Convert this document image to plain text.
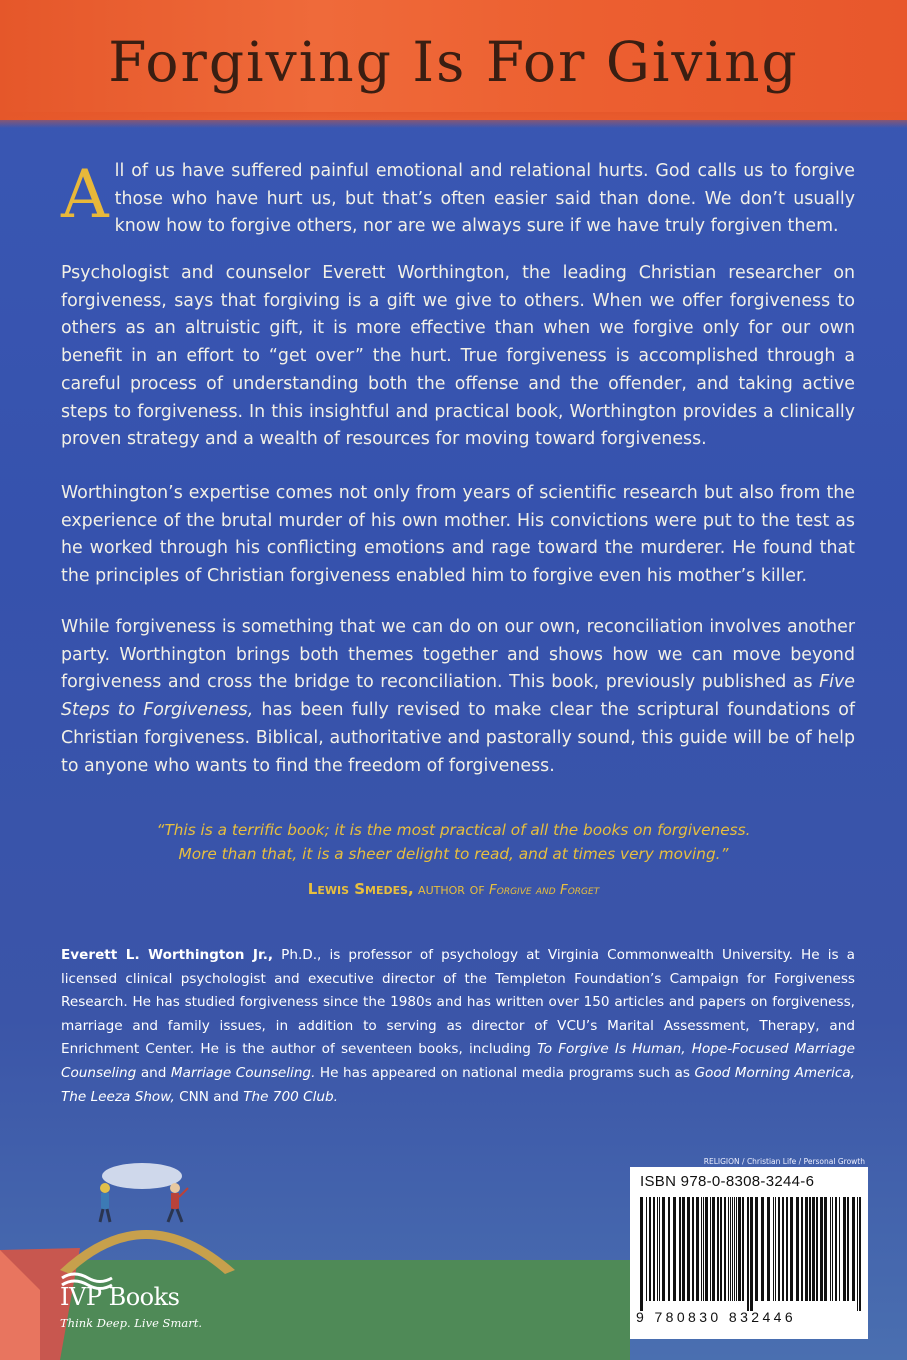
Forgiving Is For Giving

All of us have suffered painful emotional and relational hurts. God calls us to forgive those who have hurt us, but that’s often easier said than done. We don’t usually know how to forgive others, nor are we always sure if we have truly forgiven them.

Psychologist and counselor Everett Worthington, the leading Christian researcher on forgiveness, says that forgiving is a gift we give to others. When we offer forgiveness to others as an altruistic gift, it is more effective than when we forgive only for our own benefit in an effort to “get over” the hurt. True forgiveness is accomplished through a careful process of understanding both the offense and the offender, and taking active steps to forgiveness. In this insightful and practical book, Worthington provides a clinically proven strategy and a wealth of resources for moving toward forgiveness.

Worthington’s expertise comes not only from years of scientific research but also from the experience of the brutal murder of his own mother. His convictions were put to the test as he worked through his conflicting emotions and rage toward the murderer. He found that the principles of Christian forgiveness enabled him to forgive even his mother’s killer.

While forgiveness is something that we can do on our own, reconciliation involves another party. Worthington brings both themes together and shows how we can move beyond forgiveness and cross the bridge to reconciliation. This book, previously published as Five Steps to Forgiveness, has been fully revised to make clear the scriptural foundations of Christian forgiveness. Biblical, authoritative and pastorally sound, this guide will be of help to anyone who wants to find the freedom of forgiveness.

“This is a terrific book; it is the most practical of all the books on forgiveness.
More than that, it is a sheer delight to read, and at times very moving.”

Lewis Smedes, author of Forgive and Forget

Everett L. Worthington Jr., Ph.D., is professor of psychology at Virginia Commonwealth University. He is a licensed clinical psychologist and executive director of the Templeton Foundation’s Campaign for Forgiveness Research. He has studied forgiveness since the 1980s and has written over 150 articles and papers on forgiveness, marriage and family issues, in addition to serving as director of VCU’s Marital Assessment, Therapy, and Enrichment Center. He is the author of seventeen books, including To Forgive Is Human, Hope-Focused Marriage Counseling and Marriage Counseling. He has appeared on national media programs such as Good Morning America, The Leeza Show, CNN and The 700 Club.

IVP Books

Think Deep. Live Smart.

RELIGION / Christian Life / Personal Growth
ISBN 978-0-8308-3244-6
9 780830 832446
